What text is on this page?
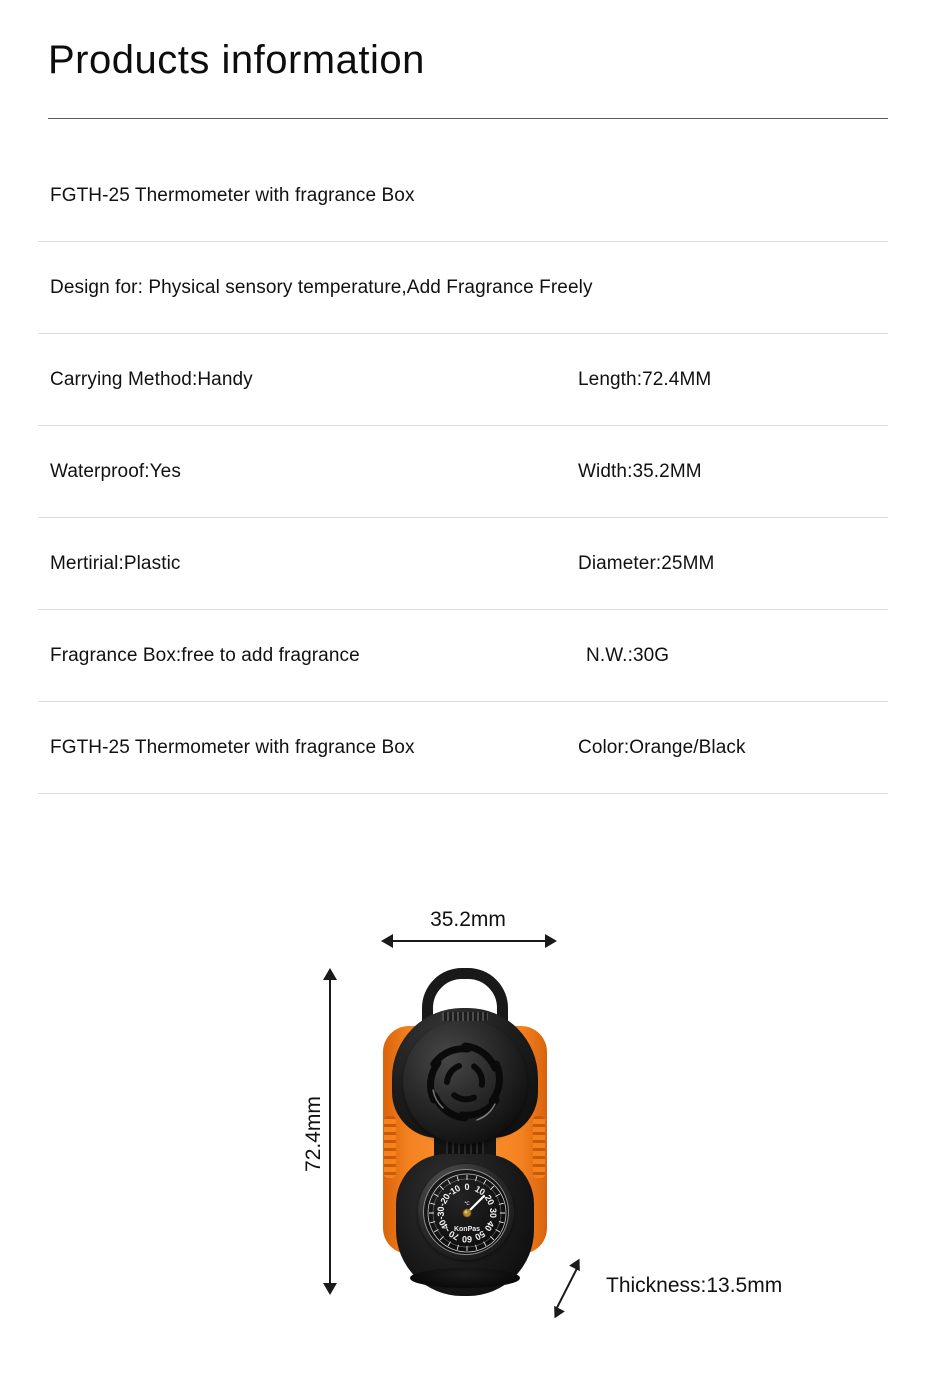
Products information
FGTH-25 Thermometer with fragrance Box
Design for: Physical sensory temperature,Add Fragrance Freely
Carrying Method:Handy	Length:72.4MM
Waterproof:Yes	Width:35.2MM
Mertirial:Plastic	Diameter:25MM
Fragrance Box:free to add fragrance	N.W.:30G
FGTH-25 Thermometer with fragrance Box	Color:Orange/Black
35.2mm
72.4mm
Thickness:13.5mm
0 10
20
30
40
50
60
70
-40
-30
-20
-10
℃
KonPas
